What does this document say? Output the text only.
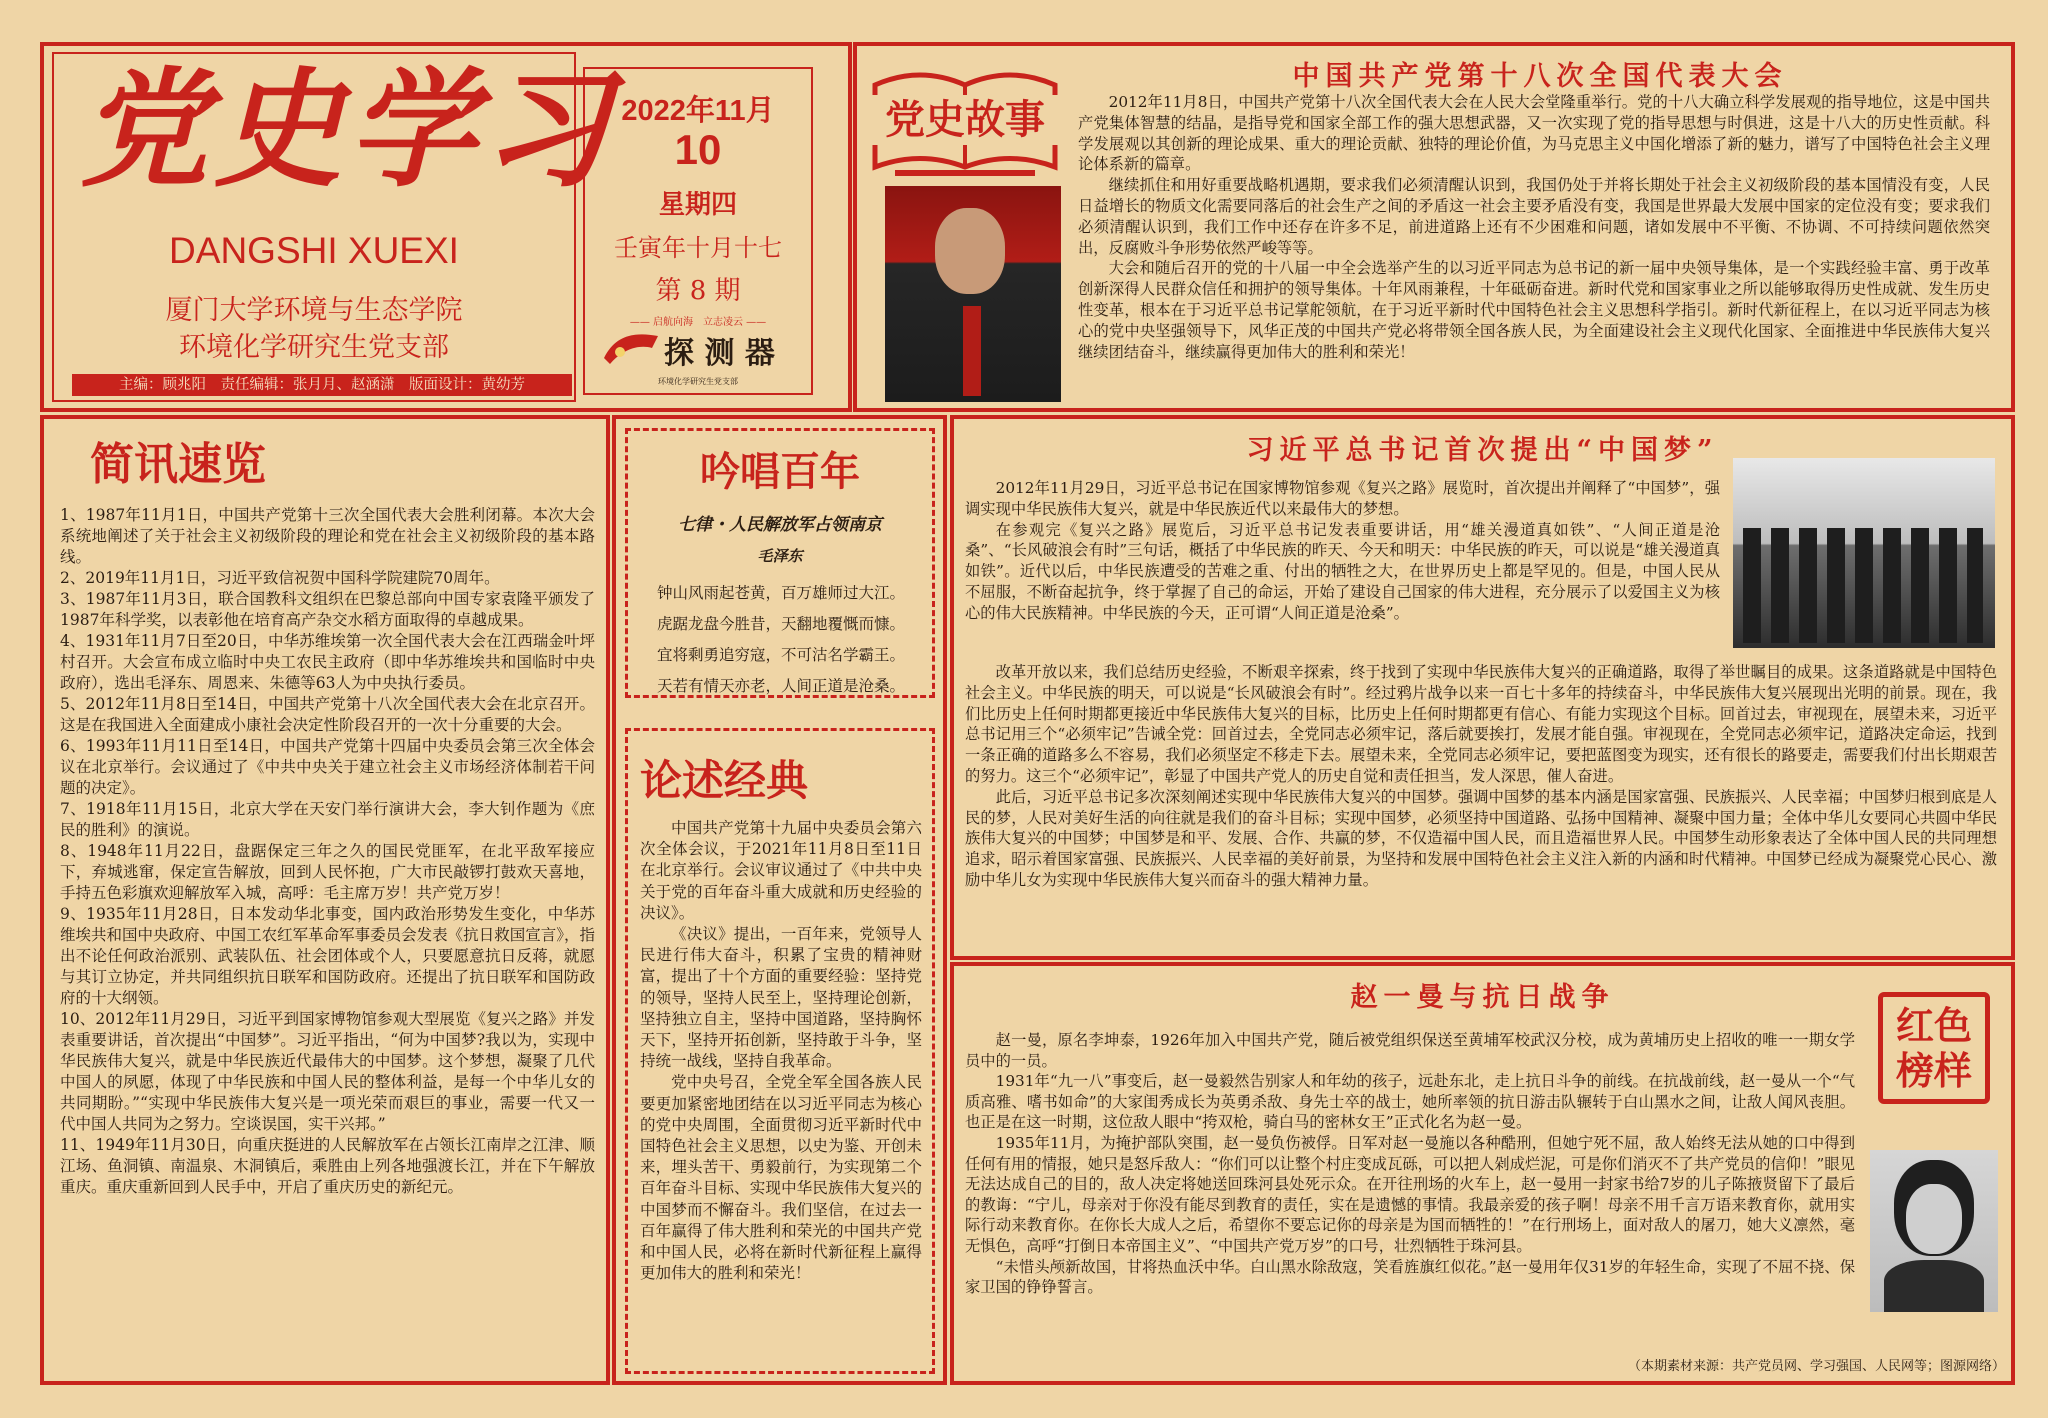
党史学习
DANGSHI XUEXI
厦门大学环境与生态学院
环境化学研究生党支部
主编：顾兆阳　责任编辑：张月月、赵涵潇　版面设计：黄幼芳
2022年11月
10
星期四
壬寅年十月十七
第 8 期
—— 启航向海　立志凌云 ——
探 测 器
环境化学研究生党支部
党史故事
中国共产党第十八次全国代表大会

2012年11月8日，中国共产党第十八次全国代表大会在人民大会堂隆重举行。党的十八大确立科学发展观的指导地位，这是中国共产党集体智慧的结晶，是指导党和国家全部工作的强大思想武器，又一次实现了党的指导思想与时俱进，这是十八大的历史性贡献。科学发展观以其创新的理论成果、重大的理论贡献、独特的理论价值，为马克思主义中国化增添了新的魅力，谱写了中国特色社会主义理论体系新的篇章。

继续抓住和用好重要战略机遇期，要求我们必须清醒认识到，我国仍处于并将长期处于社会主义初级阶段的基本国情没有变，人民日益增长的物质文化需要同落后的社会生产之间的矛盾这一社会主要矛盾没有变，我国是世界最大发展中国家的定位没有变；要求我们必须清醒认识到，我们工作中还存在许多不足，前进道路上还有不少困难和问题，诸如发展中不平衡、不协调、不可持续问题依然突出，反腐败斗争形势依然严峻等等。

大会和随后召开的党的十八届一中全会选举产生的以习近平同志为总书记的新一届中央领导集体，是一个实践经验丰富、勇于改革创新深得人民群众信任和拥护的领导集体。十年风雨兼程，十年砥砺奋进。新时代党和国家事业之所以能够取得历史性成就、发生历史性变革，根本在于习近平总书记掌舵领航，在于习近平新时代中国特色社会主义思想科学指引。新时代新征程上，在以习近平同志为核心的党中央坚强领导下，风华正茂的中国共产党必将带领全国各族人民，为全面建设社会主义现代化国家、全面推进中华民族伟大复兴继续团结奋斗，继续赢得更加伟大的胜利和荣光！

简讯速览

1、1987年11月1日，中国共产党第十三次全国代表大会胜利闭幕。本次大会系统地阐述了关于社会主义初级阶段的理论和党在社会主义初级阶段的基本路线。

2、2019年11月1日，习近平致信祝贺中国科学院建院70周年。

3、1987年11月3日，联合国教科文组织在巴黎总部向中国专家袁隆平颁发了1987年科学奖，以表彰他在培育高产杂交水稻方面取得的卓越成果。

4、1931年11月7日至20日，中华苏维埃第一次全国代表大会在江西瑞金叶坪村召开。大会宣布成立临时中央工农民主政府（即中华苏维埃共和国临时中央政府），选出毛泽东、周恩来、朱德等63人为中央执行委员。

5、2012年11月8日至14日，中国共产党第十八次全国代表大会在北京召开。这是在我国进入全面建成小康社会决定性阶段召开的一次十分重要的大会。

6、1993年11月11日至14日，中国共产党第十四届中央委员会第三次全体会议在北京举行。会议通过了《中共中央关于建立社会主义市场经济体制若干问题的决定》。

7、1918年11月15日，北京大学在天安门举行演讲大会，李大钊作题为《庶民的胜利》的演说。

8、1948年11月22日，盘踞保定三年之久的国民党匪军，在北平敌军接应下，弃城逃窜，保定宣告解放，回到人民怀抱，广大市民敲锣打鼓欢天喜地，手持五色彩旗欢迎解放军入城，高呼：毛主席万岁！共产党万岁！

9、1935年11月28日，日本发动华北事变，国内政治形势发生变化，中华苏维埃共和国中央政府、中国工农红军革命军事委员会发表《抗日救国宣言》，指出不论任何政治派别、武装队伍、社会团体或个人，只要愿意抗日反蒋，就愿与其订立协定，并共同组织抗日联军和国防政府。还提出了抗日联军和国防政府的十大纲领。

10、2012年11月29日，习近平到国家博物馆参观大型展览《复兴之路》并发表重要讲话，首次提出“中国梦”。习近平指出，“何为中国梦?我以为，实现中华民族伟大复兴，就是中华民族近代最伟大的中国梦。这个梦想，凝聚了几代中国人的夙愿，体现了中华民族和中国人民的整体利益，是每一个中华儿女的共同期盼。”“实现中华民族伟大复兴是一项光荣而艰巨的事业，需要一代又一代中国人共同为之努力。空谈误国，实干兴邦。”

11、1949年11月30日，向重庆挺进的人民解放军在占领长江南岸之江津、顺江场、鱼洞镇、南温泉、木洞镇后，乘胜由上列各地强渡长江，并在下午解放重庆。重庆重新回到人民手中，开启了重庆历史的新纪元。

吟唱百年
七律・人民解放军占领南京
毛泽东
钟山风雨起苍黄，百万雄师过大江。
虎踞龙盘今胜昔，天翻地覆慨而慷。
宜将剩勇追穷寇，不可沽名学霸王。
天若有情天亦老，人间正道是沧桑。
论述经典

中国共产党第十九届中央委员会第六次全体会议，于2021年11月8日至11日在北京举行。会议审议通过了《中共中央关于党的百年奋斗重大成就和历史经验的决议》。

《决议》提出，一百年来，党领导人民进行伟大奋斗，积累了宝贵的精神财富，提出了十个方面的重要经验：坚持党的领导，坚持人民至上，坚持理论创新，坚持独立自主，坚持中国道路，坚持胸怀天下，坚持开拓创新，坚持敢于斗争，坚持统一战线，坚持自我革命。

党中央号召，全党全军全国各族人民要更加紧密地团结在以习近平同志为核心的党中央周围，全面贯彻习近平新时代中国特色社会主义思想，以史为鉴、开创未来，埋头苦干、勇毅前行，为实现第二个百年奋斗目标、实现中华民族伟大复兴的中国梦而不懈奋斗。我们坚信，在过去一百年赢得了伟大胜利和荣光的中国共产党和中国人民，必将在新时代新征程上赢得更加伟大的胜利和荣光！

习近平总书记首次提出“中国梦”

2012年11月29日，习近平总书记在国家博物馆参观《复兴之路》展览时，首次提出并阐释了“中国梦”，强调实现中华民族伟大复兴，就是中华民族近代以来最伟大的梦想。

在参观完《复兴之路》展览后，习近平总书记发表重要讲话，用“雄关漫道真如铁”、“人间正道是沧桑”、“长风破浪会有时”三句话，概括了中华民族的昨天、今天和明天：中华民族的昨天，可以说是“雄关漫道真如铁”。近代以后，中华民族遭受的苦难之重、付出的牺牲之大，在世界历史上都是罕见的。但是，中国人民从不屈服，不断奋起抗争，终于掌握了自己的命运，开始了建设自己国家的伟大进程，充分展示了以爱国主义为核心的伟大民族精神。中华民族的今天，正可谓“人间正道是沧桑”。

改革开放以来，我们总结历史经验，不断艰辛探索，终于找到了实现中华民族伟大复兴的正确道路，取得了举世瞩目的成果。这条道路就是中国特色社会主义。中华民族的明天，可以说是“长风破浪会有时”。经过鸦片战争以来一百七十多年的持续奋斗，中华民族伟大复兴展现出光明的前景。现在，我们比历史上任何时期都更接近中华民族伟大复兴的目标，比历史上任何时期都更有信心、有能力实现这个目标。回首过去，审视现在，展望未来，习近平总书记用三个“必须牢记”告诫全党：回首过去，全党同志必须牢记，落后就要挨打，发展才能自强。审视现在，全党同志必须牢记，道路决定命运，找到一条正确的道路多么不容易，我们必须坚定不移走下去。展望未来，全党同志必须牢记，要把蓝图变为现实，还有很长的路要走，需要我们付出长期艰苦的努力。这三个“必须牢记”，彰显了中国共产党人的历史自觉和责任担当，发人深思，催人奋进。

此后，习近平总书记多次深刻阐述实现中华民族伟大复兴的中国梦。强调中国梦的基本内涵是国家富强、民族振兴、人民幸福；中国梦归根到底是人民的梦，人民对美好生活的向往就是我们的奋斗目标；实现中国梦，必须坚持中国道路、弘扬中国精神、凝聚中国力量；全体中华儿女要同心共圆中华民族伟大复兴的中国梦；中国梦是和平、发展、合作、共赢的梦，不仅造福中国人民，而且造福世界人民。中国梦生动形象表达了全体中国人民的共同理想追求，昭示着国家富强、民族振兴、人民幸福的美好前景，为坚持和发展中国特色社会主义注入新的内涵和时代精神。中国梦已经成为凝聚党心民心、激励中华儿女为实现中华民族伟大复兴而奋斗的强大精神力量。

赵一曼与抗日战争
红色榜样

赵一曼，原名李坤泰，1926年加入中国共产党，随后被党组织保送至黄埔军校武汉分校，成为黄埔历史上招收的唯一一期女学员中的一员。

1931年“九一八”事变后，赵一曼毅然告别家人和年幼的孩子，远赴东北，走上抗日斗争的前线。在抗战前线，赵一曼从一个“气质高雅、嗜书如命”的大家闺秀成长为英勇杀敌、身先士卒的战士，她所率领的抗日游击队辗转于白山黑水之间，让敌人闻风丧胆。也正是在这一时期，这位敌人眼中“挎双枪，骑白马的密林女王”正式化名为赵一曼。

1935年11月，为掩护部队突围，赵一曼负伤被俘。日军对赵一曼施以各种酷刑，但她宁死不屈，敌人始终无法从她的口中得到任何有用的情报，她只是怒斥敌人：“你们可以让整个村庄变成瓦砾，可以把人剁成烂泥，可是你们消灭不了共产党员的信仰！”眼见无法达成自己的目的，敌人决定将她送回珠河县处死示众。在开往刑场的火车上，赵一曼用一封家书给7岁的儿子陈掖贤留下了最后的教诲：“宁儿，母亲对于你没有能尽到教育的责任，实在是遗憾的事情。我最亲爱的孩子啊！母亲不用千言万语来教育你，就用实际行动来教育你。在你长大成人之后，希望你不要忘记你的母亲是为国而牺牲的！”在行刑场上，面对敌人的屠刀，她大义凛然，毫无惧色，高呼“打倒日本帝国主义”、“中国共产党万岁”的口号，壮烈牺牲于珠河县。

“未惜头颅新故国，甘将热血沃中华。白山黑水除敌寇，笑看旌旗红似花。”赵一曼用年仅31岁的年轻生命，实现了不屈不挠、保家卫国的铮铮誓言。

（本期素材来源：共产党员网、学习强国、人民网等；图源网络）
